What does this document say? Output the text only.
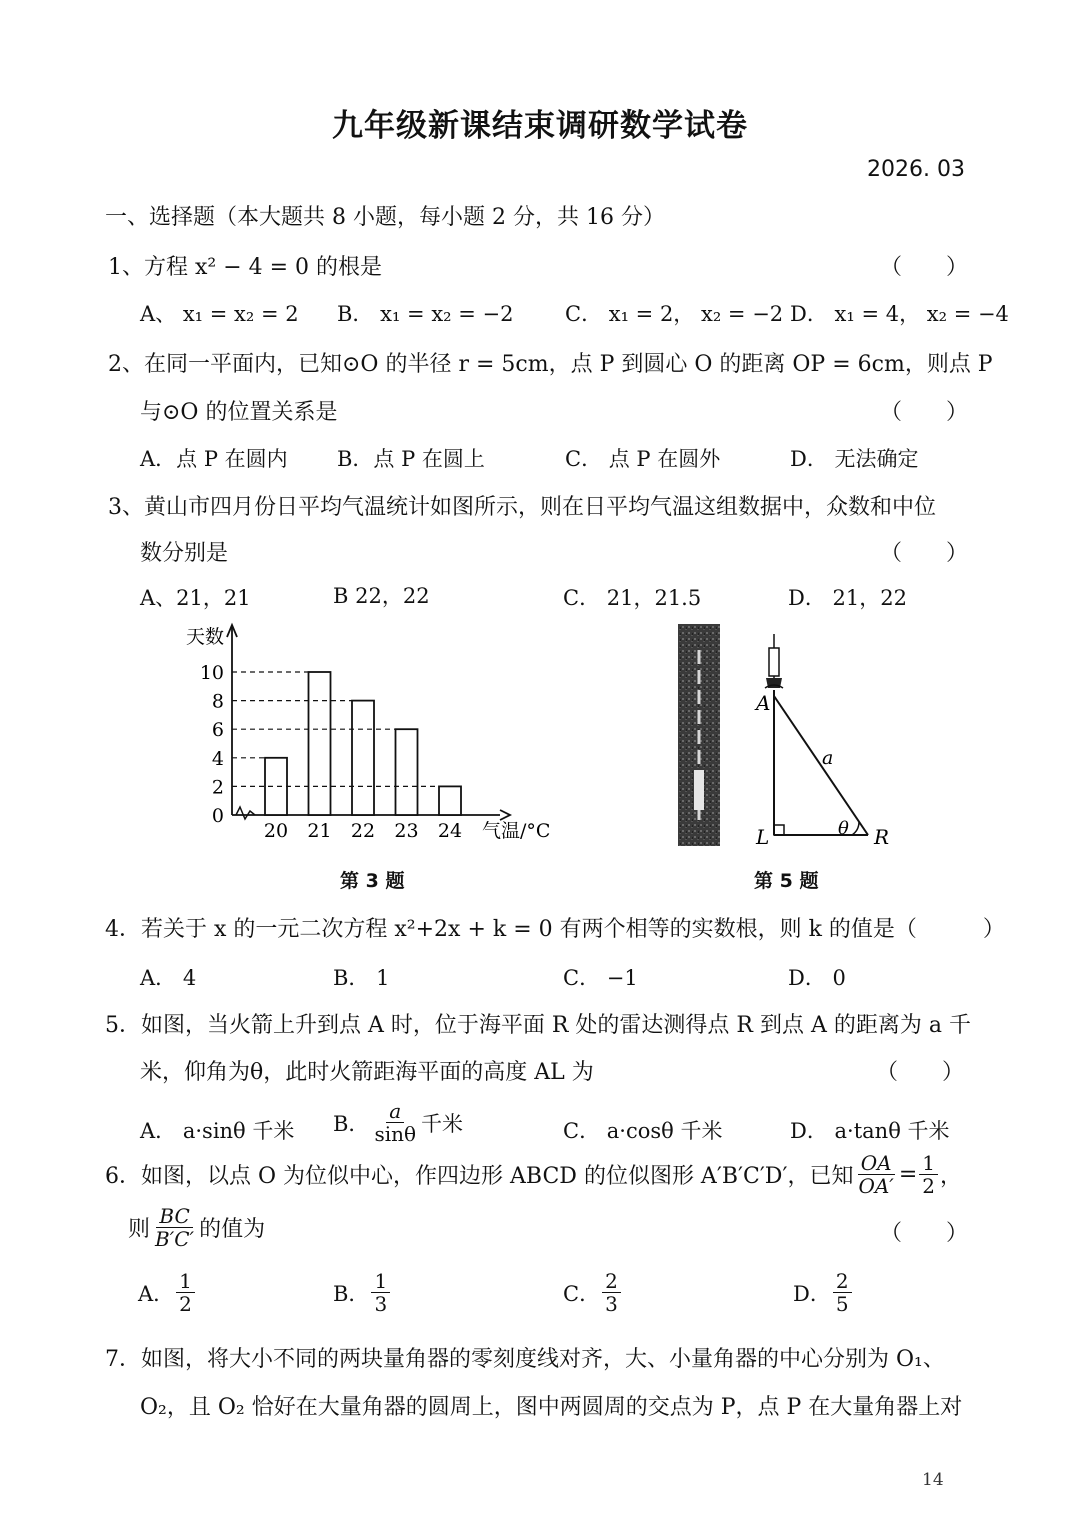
九年级新课结束调研数学试卷
2026. 03
一、选择题（本大题共 8 小题，每小题 2 分，共 16 分）
1、方程 x² − 4 = 0 的根是	（　　）
A、 x₁ = x₂ = 2 B． x₁ = x₂ = −2 C． x₁ = 2， x₂ = −2 D． x₁ = 4， x₂ = −4
2、在同一平面内，已知⊙O 的半径 r = 5cm，点 P 到圆心 O 的距离 OP = 6cm，则点 P
与⊙O 的位置关系是	（　　）
A．点 P 在圆内 B．点 P 在圆上	C． 点 P 在圆外	D． 无法确定
3、黄山市四月份日平均气温统计如图所示，则在日平均气温这组数据中，众数和中位
数分别是	（　　）
A、21，21	B 22，22	C． 21，21.5	D． 21，22
天数
0
2
4
6
8
10
20 21 22 23 24 气温/°C
第 3 题
A
L	R
a
θ
第 5 题
4．若关于 x 的一元二次方程 x²+2x + k = 0 有两个相等的实数根，则 k 的值是（　　　）
A． 4	B． 1	C． −1	D． 0
5．如图，当火箭上升到点 A 时，位于海平面 R 处的雷达测得点 R 到点 A 的距离为 a 千
米，仰角为θ，此时火箭距海平面的高度 AL 为	（　　）
A． a·sinθ 千米 B． $\frac{a}{\sin\theta}$ 千米	C． a·cosθ 千米	D． a·tanθ 千米
6．如图，以点 O 为位似中心，作四边形 ABCD 的位似图形 A′B′C′D′，已知 $\frac{OA}{OA'} = \frac{1}{2}$ ，
则 $\frac{BC}{B'C'}$ 的值为	（　　）
A． $\frac{1}{2}$	B． $\frac{1}{3}$	C． $\frac{2}{3}$	D． $\frac{2}{5}$
7．如图，将大小不同的两块量角器的零刻度线对齐，大、小量角器的中心分别为 O₁、
O₂，且 O₂ 恰好在大量角器的圆周上，图中两圆周的交点为 P，点 P 在大量角器上对
14
